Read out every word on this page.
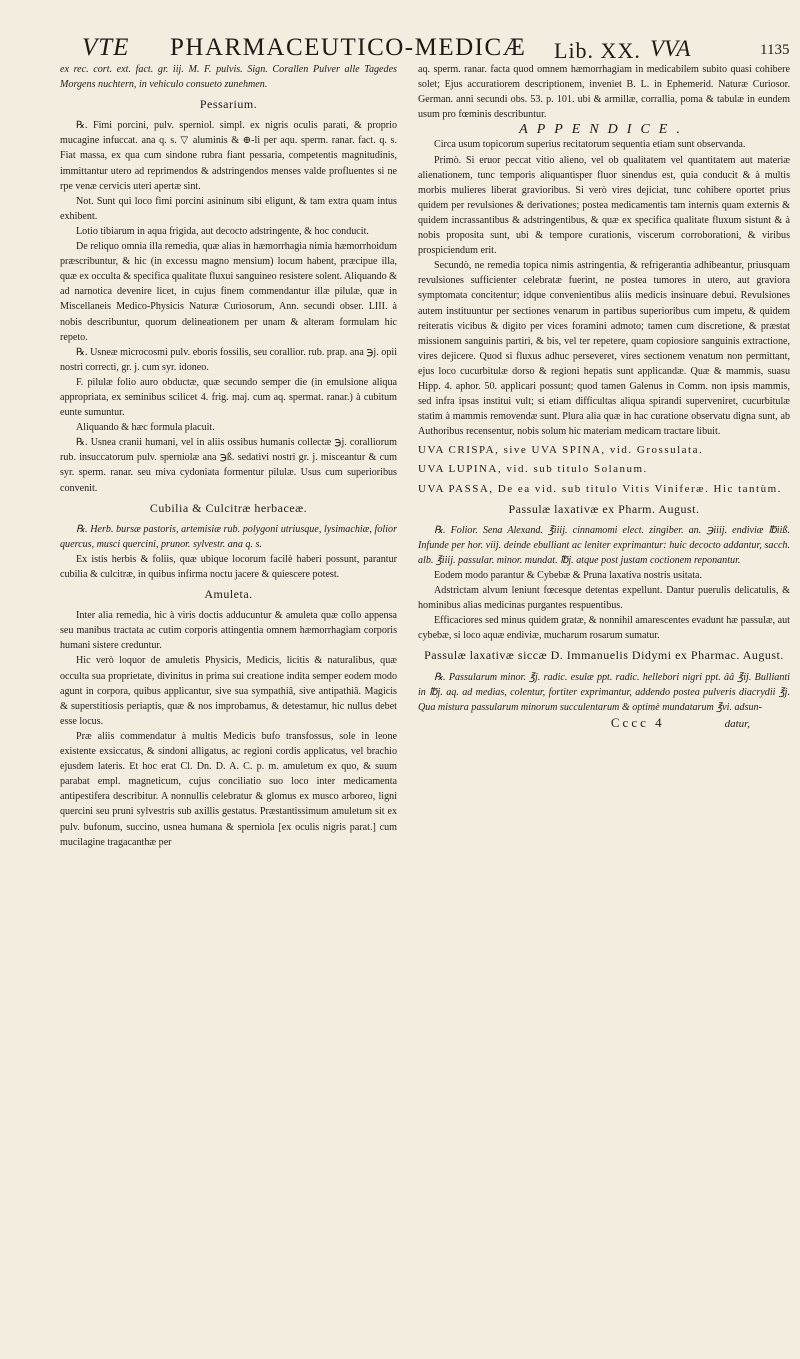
VTE PHARMACEUTICO-MEDICÆ Lib. XX. VVA	1135

ex rec. cort. ext. fact. gr. iij. M. F. pulvis. Sign. Corallen Pulver alle Tagedes Morgens nuchtern, in vehiculo consueto zunehmen.

Pessarium.

℞. Fimi porcini, pulv. sperniol. simpl. ex nigris oculis parati, & proprio mucagine infuccat. ana q. s. ▽ aluminis & ⊕-li per aqu. sperm. ranar. fact. q. s. Fiat massa, ex qua cum sindone rubra fiant pessaria, competentis magnitudinis, immittantur utero ad reprimendos & adstringendos menses valde profluentes si ne rpe venæ cervicis uteri apertæ sint.

Not. Sunt qui loco fimi porcini asininum sibi eligunt, & tam extra quam intus exhibent.

Lotio tibiarum in aqua frigida, aut decocto adstringente, & hoc conducit.

De reliquo omnia illa remedia, quæ alias in hæmorrhagia nimia hæmorrhoidum præscribuntur, & hic (in excessu magno mensium) locum habent, præcipue illa, quæ ex occulta & specifica qualitate fluxui sanguineo resistere solent. Aliquando & ad narnotica devenire licet, in cujus finem commendantur illæ pilulæ, quæ in Miscellaneis Medico-Physicis Naturæ Curiosorum, Ann. secundi obser. LIII. à nobis describuntur, quorum delineationem per unam & alteram formulam hic repeto.

℞. Usneæ microcosmi pulv. eboris fossilis, seu corallior. rub. prap. ana ℈j. opii nostri correcti, gr. j. cum syr. idoneo.

F. pilulæ folio auro obductæ, quæ secundo semper die (in emulsione aliqua appropriata, ex seminibus scilicet 4. frig. maj. cum aq. spermat. ranar.) à cubitum eunte sumuntur.

Aliquando & hæc formula placuit.

℞. Usnea cranii humani, vel in aliis ossibus humanis collectæ ℈j. coralliorum rub. insuccatorum pulv. sperniolæ ana ℈ß. sedativi nostri gr. j. misceantur & cum syr. sperm. ranar. seu miva cydoniata formentur pilulæ. Usus cum superioribus convenit.

Cubilia & Culcitræ herbaceæ.

℞. Herb. bursæ pastoris, artemisiæ rub. polygoni utriusque, lysimachiæ, folior quercus, musci quercini, prunor. sylvestr. ana q. s.

Ex istis herbis & foliis, quæ ubique locorum facilè haberi possunt, parantur cubilia & culcitræ, in quibus infirma noctu jacere & quiescere potest.

Amuleta.

Inter alia remedia, hic à viris doctis adducuntur & amuleta quæ collo appensa seu manibus tractata ac cutim corporis attingentia omnem hæmorrhagiam corporis humani sistere creduntur.

Hic verò loquor de amuletis Physicis, Medicis, licitis & naturalibus, quæ occulta sua proprietate, divinitus in prima sui creatione indita semper eodem modo agunt in corpora, quibus applicantur, sive sua sympathiâ, sive antipathiâ. Magicis & superstitiosis periaptis, quæ & nos improbamus, & detestamur, hic nullus debet esse locus.

Præ aliis commendatur à multis Medicis bufo transfossus, sole in leone existente exsiccatus, & sindoni alligatus, ac regioni cordis applicatus, vel brachio ejusdem lateris. Et hoc erat Cl. Dn. D. A. C. p. m. amuletum ex quo, & suum parabat empl. magneticum, cujus conciliatio suo loco inter medicamenta antipestifera describitur. A nonnullis celebratur & glomus ex musco arboreo, ligni quercini seu pruni sylvestris sub axillis gestatus. Præstantissimum amuletum sit ex pulv. bufonum, succino, usnea humana & sperniola [ex oculis nigris parat.] cum mucilagine tragacanthæ per

aq. sperm. ranar. facta quod omnem hæmorrhagiam in medicabilem subito quasi cohibere solet; Ejus accuratiorem descriptionem, inveniet B. L. in Ephemerid. Naturæ Curiosor. German. anni secundi obs. 53. p. 101. ubi & armillæ, corrallia, poma & tabulæ in eundem usum pro fœminis describuntur.

APPENDICE.

Circa usum topicorum superius recitatorum sequentia etiam sunt observanda.

Primò. Si eruor peccat vitio alieno, vel ob qualitatem vel quantitatem aut materiæ alienationem, tunc temporis aliquantisper fluor sinendus est, quia conducit & à multis morbis mulieres liberat gravioribus. Si verò vires dejiciat, tunc cohibere oportet prius quidem per revulsiones & derivationes; postea medicamentis tam internis quam externis & quidem incrassantibus & adstringentibus, & quæ ex specifica qualitate fluxum sistunt & à nobis proposita sunt, ubi & tempore curationis, viscerum corroborationi, & viribus prospiciendum erit.

Secundò, ne remedia topica nimis astringentia, & refrigerantia adhibeantur, priusquam revulsiones sufficienter celebratæ fuerint, ne postea tumores in utero, aut graviora symptomata concitentur; idque convenientibus aliis medicis insinuare debui. Revulsiones autem instituuntur per sectiones venarum in partibus superioribus cum impetu, & quidem reiteratis vicibus & digito per vices foramini admoto; tamen cum discretione, & præstat missionem sanguinis partiri, & bis, vel ter repetere, quam copiosiore sanguinis extractione, vires dejicere. Quod si fluxus adhuc perseveret, vires sectionem venatum non permittant, ejus loco cucurbitulæ dorso & regioni hepatis sunt applicandæ. Quæ & mammis, suasu Hipp. 4. aphor. 50. applicari possunt; quod tamen Galenus in Comm. non ipsis mammis, sed infra ipsas institui vult; si etiam difficultas aliqua spirandi superveniret, cucurbitulæ statim à mammis removendæ sunt. Plura alia quæ in hac curatione observatu digna sunt, ab Authoribus recensentur, nobis solum hic materiam medicam tractare libuit.

UVA CRISPA, sive UVA SPINA, vid. Grossulata.

UVA LUPINA, vid. sub titulo Solanum.

UVA PASSA, De ea vid. sub titulo Vitis Viniferæ. Hic tantùm.

Passulæ laxativæ ex Pharm. August.

℞. Folior. Sena Alexand. ℥iiij. cinnamomi elect. zingiber. an. ℈iiij. endiviæ ℔iiß. Infunde per hor. viij. deinde ebulliant ac leniter exprimantur: huic decocto addantur, sacch. alb. ℥iiij. passular. minor. mundat. ℔j. atque post justam coctionem reponantur.

Eodem modo parantur & Cybebæ & Pruna laxativa nostris usitata.

Adstrictam alvum leniunt fœcesque detentas expellunt. Dantur puerulis delicatulis, & hominibus alias medicinas purgantes respuentibus.

Efficaciores sed minus quidem gratæ, & nonnihil amarescentes evadunt hæ passulæ, aut cybebæ, si loco aquæ endiviæ, mucharum rosarum sumatur.

Passulæ laxativæ siccæ D. Immanuelis Didymi ex Pharmac. August.

℞. Passularum minor. ℥j. radic. esulæ ppt. radic. hellebori nigri ppt. ââ ℥ij. Bullianti in ℔j. aq. ad medias, colentur, fortiter exprimantur, addendo postea pulveris diacrydii ℥j. Qua mistura passularum minorum succulentarum & optimè mundatarum ℥vi. adsun-

Cccc 4	datur,
